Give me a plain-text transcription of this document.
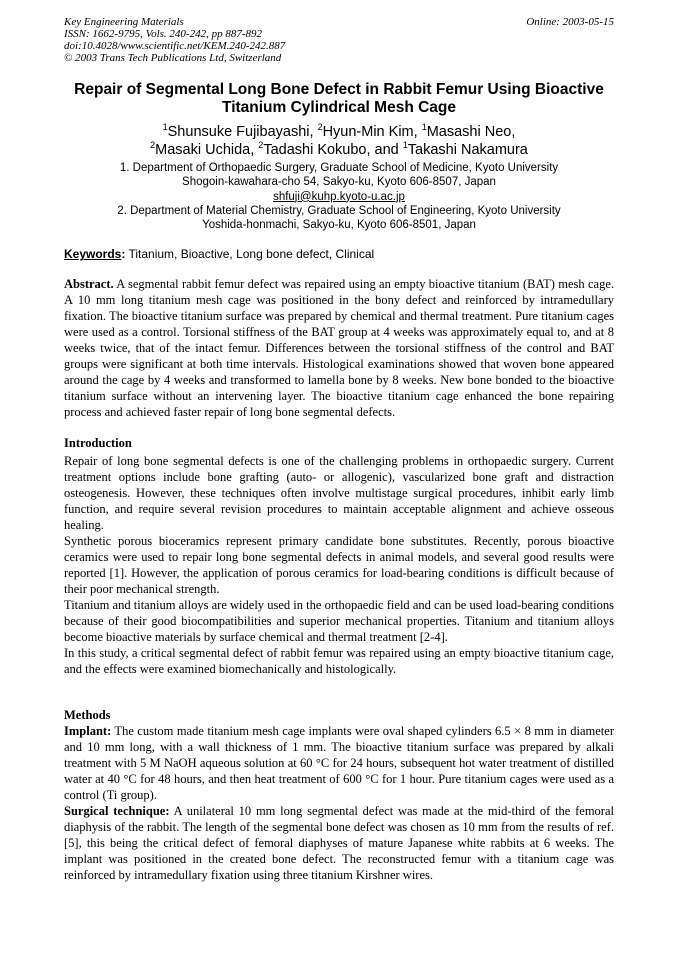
Key Engineering Materials
ISSN: 1662-9795, Vols. 240-242, pp 887-892
doi:10.4028/www.scientific.net/KEM.240-242.887
© 2003 Trans Tech Publications Ltd, Switzerland
Online: 2003-05-15
Repair of Segmental Long Bone Defect in Rabbit Femur Using Bioactive
Titanium Cylindrical Mesh Cage
$^1$Shunsuke Fujibayashi, $^2$Hyun-Min Kim, $^1$Masashi Neo,
$^2$Masaki Uchida, $^2$Tadashi Kokubo, and $^1$Takashi Nakamura
1. Department of Orthopaedic Surgery, Graduate School of Medicine, Kyoto University
Shogoin-kawahara-cho 54, Sakyo-ku, Kyoto 606-8507, Japan
shfuji@kuhp.kyoto-u.ac.jp
2. Department of Material Chemistry, Graduate School of Engineering, Kyoto University
Yoshida-honmachi, Sakyo-ku, Kyoto 606-8501, Japan
Keywords: Titanium, Bioactive, Long bone defect, Clinical

Abstract. A segmental rabbit femur defect was repaired using an empty bioactive titanium (BAT) mesh cage. A 10 mm long titanium mesh cage was positioned in the bony defect and reinforced by intramedullary fixation. The bioactive titanium surface was prepared by chemical and thermal treatment. Pure titanium cages were used as a control. Torsional stiffness of the BAT group at 4 weeks was approximately equal to, and at 8 weeks twice, that of the intact femur. Differences between the torsional stiffness of the control and BAT groups were significant at both time intervals. Histological examinations showed that woven bone appeared around the cage by 4 weeks and transformed to lamella bone by 8 weeks. New bone bonded to the bioactive titanium surface without an intervening layer. The bioactive titanium cage enhanced the bone repairing process and achieved faster repair of long bone segmental defects.

Introduction

Repair of long bone segmental defects is one of the challenging problems in orthopaedic surgery. Current treatment options include bone grafting (auto- or allogenic), vascularized bone graft and distraction osteogenesis. However, these techniques often involve multistage surgical procedures, inhibit early limb function, and require several revision procedures to maintain acceptable alignment and achieve osseous healing.

Synthetic porous bioceramics represent primary candidate bone substitutes. Recently, porous bioactive ceramics were used to repair long bone segmental defects in animal models, and several good results were reported [1]. However, the application of porous ceramics for load-bearing conditions is difficult because of their poor mechanical strength.

Titanium and titanium alloys are widely used in the orthopaedic field and can be used load-bearing conditions because of their good biocompatibilities and superior mechanical properties. Titanium and titanium alloys become bioactive materials by surface chemical and thermal treatment [2-4].

In this study, a critical segmental defect of rabbit femur was repaired using an empty bioactive titanium cage, and the effects were examined biomechanically and histologically.

Methods

Implant: The custom made titanium mesh cage implants were oval shaped cylinders 6.5 × 8 mm in diameter and 10 mm long, with a wall thickness of 1 mm. The bioactive titanium surface was prepared by alkali treatment with 5 M NaOH aqueous solution at 60 °C for 24 hours, subsequent hot water treatment of distilled water at 40 °C for 48 hours, and then heat treatment of 600 °C for 1 hour. Pure titanium cages were used as a control (Ti group).

Surgical technique: A unilateral 10 mm long segmental defect was made at the mid-third of the femoral diaphysis of the rabbit. The length of the segmental bone defect was chosen as 10 mm from the results of ref. [5], this being the critical defect of femoral diaphyses of mature Japanese white rabbits at 6 weeks. The implant was positioned in the created bone defect. The reconstructed femur with a titanium cage was reinforced by intramedullary fixation using three titanium Kirshner wires.
